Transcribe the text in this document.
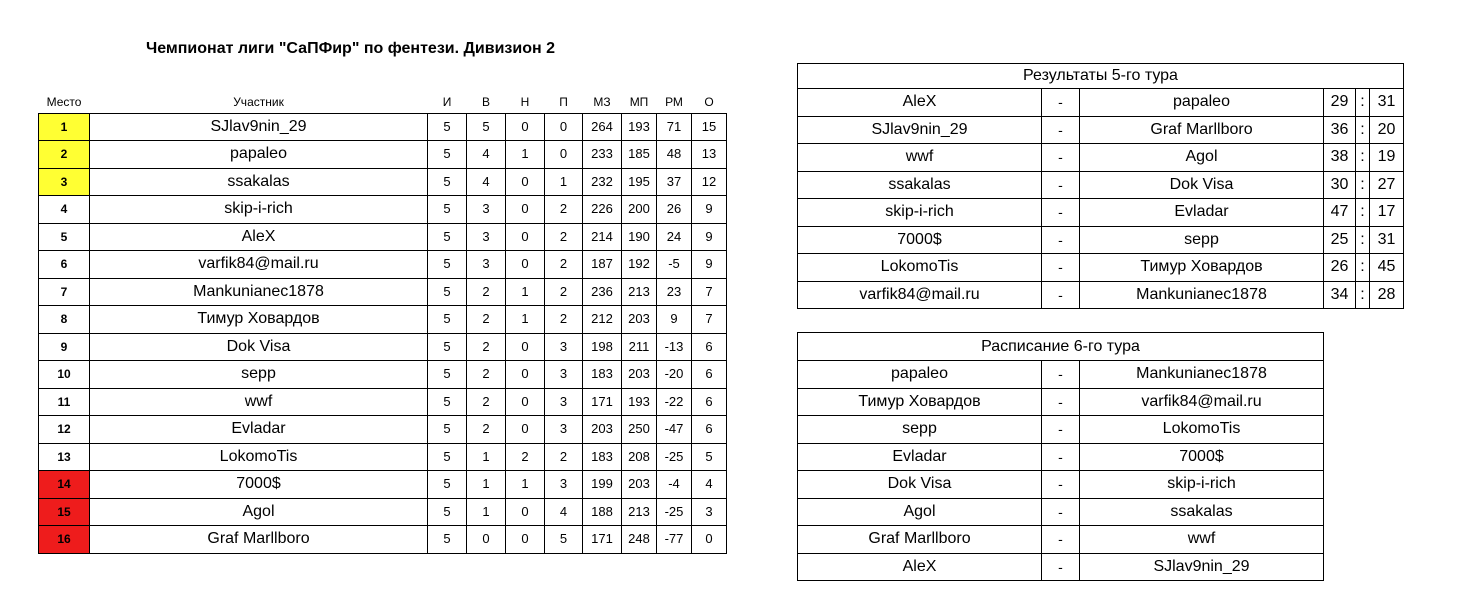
Чемпионат лиги "СаПФир" по фентези. Дивизион 2
Место	Участник	И	В	Н	П	МЗ	МП	РМ	О
1	SJlav9nin_29	5	5	0	0	264	193	71	15
2	papaleo	5	4	1	0	233	185	48	13
3	ssakalas	5	4	0	1	232	195	37	12
4	skip-i-rich	5	3	0	2	226	200	26	9
5	AleX	5	3	0	2	214	190	24	9
6	varfik84@mail.ru	5	3	0	2	187	192	-5	9
7	Mankunianec1878	5	2	1	2	236	213	23	7
8	Тимур Ховардов	5	2	1	2	212	203	9	7
9	Dok Visa	5	2	0	3	198	211	-13	6
10	sepp	5	2	0	3	183	203	-20	6
11	wwf	5	2	0	3	171	193	-22	6
12	Evladar	5	2	0	3	203	250	-47	6
13	LokomoTis	5	1	2	2	183	208	-25	5
14	7000$	5	1	1	3	199	203	-4	4
15	Agol	5	1	0	4	188	213	-25	3
16	Graf Marllboro	5	0	0	5	171	248	-77	0
Результаты 5-го тура					
AleX	-	papaleo	29	:	31
SJlav9nin_29	-	Graf Marllboro	36	:	20
wwf	-	Agol	38	:	19
ssakalas	-	Dok Visa	30	:	27
skip-i-rich	-	Evladar	47	:	17
7000$	-	sepp	25	:	31
LokomoTis	-	Тимур Ховардов	26	:	45
varfik84@mail.ru	-	Mankunianec1878	34	:	28
Расписание 6-го тура		
papaleo	-	Mankunianec1878
Тимур Ховардов	-	varfik84@mail.ru
sepp	-	LokomoTis
Evladar	-	7000$
Dok Visa	-	skip-i-rich
Agol	-	ssakalas
Graf Marllboro	-	wwf
AleX	-	SJlav9nin_29
